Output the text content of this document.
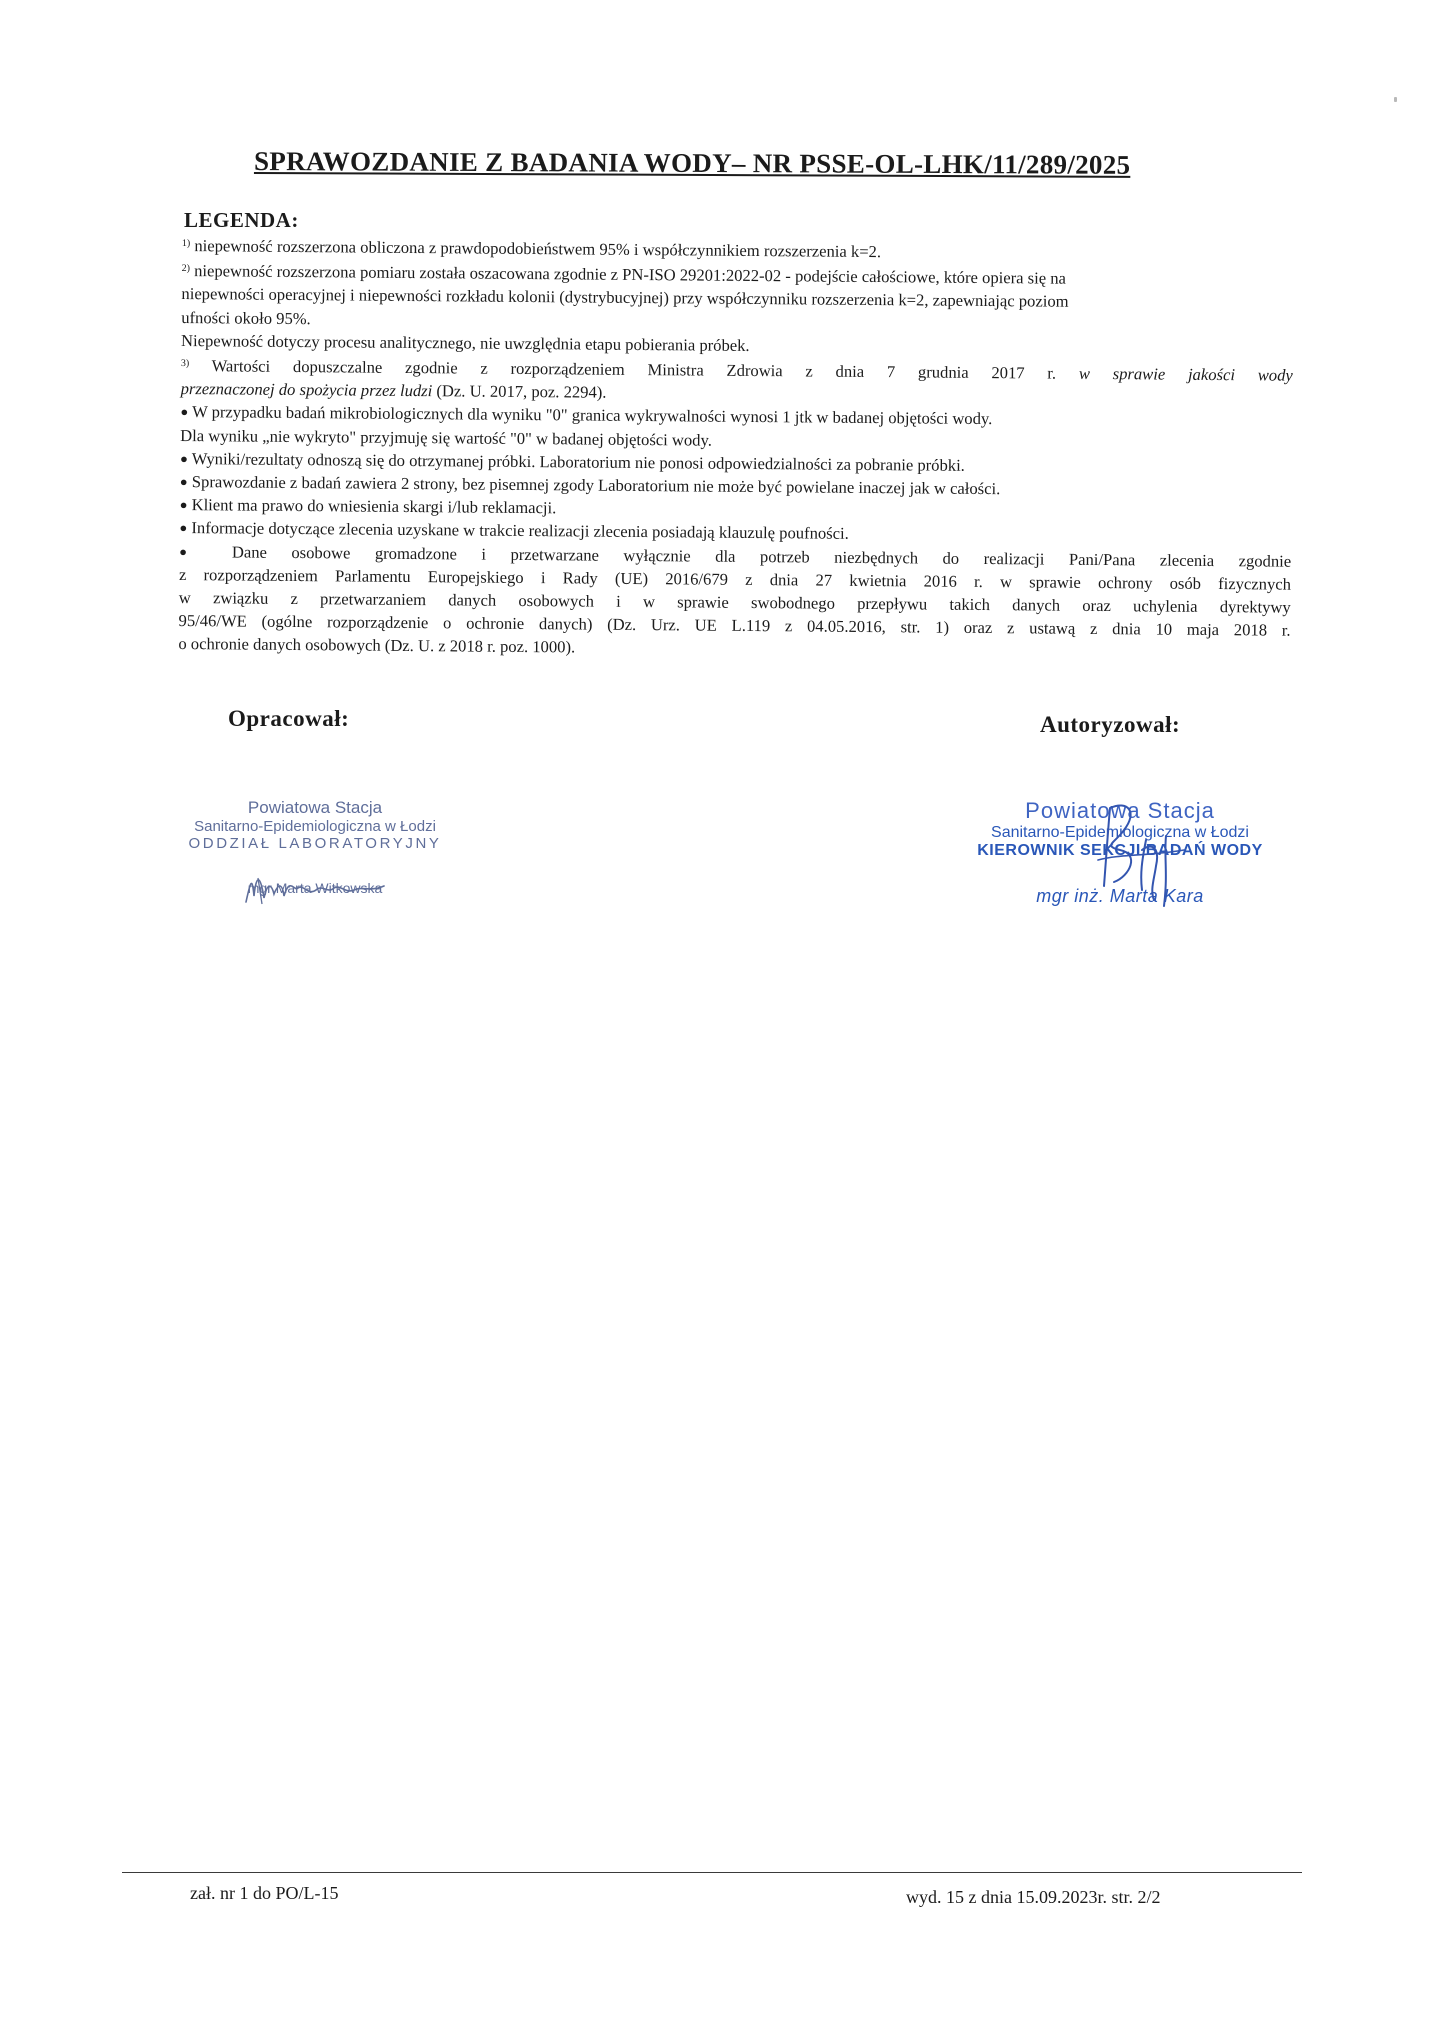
SPRAWOZDANIE Z BADANIA WODY– NR PSSE-OL-LHK/11/289/2025
LEGENDA:
$^{1)}$ niepewność rozszerzona obliczona z prawdopodobieństwem 95% i współczynnikiem rozszerzenia k=2.
$^{2)}$ niepewność rozszerzona pomiaru została oszacowana zgodnie z PN-ISO 29201:2022-02 - podejście całościowe, które opiera się na
niepewności operacyjnej i niepewności rozkładu kolonii (dystrybucyjnej) przy współczynniku rozszerzenia k=2, zapewniając poziom
ufności około 95%.
Niepewność dotyczy procesu analitycznego, nie uwzględnia etapu pobierania próbek.
$^{3)}$ Wartości dopuszczalne zgodnie z rozporządzeniem Ministra Zdrowia z dnia 7 grudnia 2017 r. w sprawie jakości wody
przeznaczonej do spożycia przez ludzi (Dz. U. 2017, poz. 2294).
● W przypadku badań mikrobiologicznych dla wyniku "0" granica wykrywalności wynosi 1 jtk w badanej objętości wody.
Dla wyniku „nie wykryto" przyjmuję się wartość "0" w badanej objętości wody.
● Wyniki/rezultaty odnoszą się do otrzymanej próbki. Laboratorium nie ponosi odpowiedzialności za pobranie próbki.
● Sprawozdanie z badań zawiera 2 strony, bez pisemnej zgody Laboratorium nie może być powielane inaczej jak w całości.
● Klient ma prawo do wniesienia skargi i/lub reklamacji.
● Informacje dotyczące zlecenia uzyskane w trakcie realizacji zlecenia posiadają klauzulę poufności.
● Dane osobowe gromadzone i przetwarzane wyłącznie dla potrzeb niezbędnych do realizacji Pani/Pana zlecenia zgodnie
z rozporządzeniem Parlamentu Europejskiego i Rady (UE) 2016/679 z dnia 27 kwietnia 2016 r. w sprawie ochrony osób fizycznych
w związku z przetwarzaniem danych osobowych i w sprawie swobodnego przepływu takich danych oraz uchylenia dyrektywy
95/46/WE (ogólne rozporządzenie o ochronie danych) (Dz. Urz. UE L.119 z 04.05.2016, str. 1) oraz z ustawą z dnia 10 maja 2018 r.
o ochronie danych osobowych (Dz. U. z 2018 r. poz. 1000).
Opracował:	Autoryzował:
Powiatowa Stacja
Sanitarno-Epidemiologiczna w Łodzi
ODDZIAŁ LABORATORYJNY
mgr Marta Witkowska
Powiatowa Stacja
Sanitarno-Epidemiologiczna w Łodzi
KIEROWNIK SEKCJI BADAŃ WODY
mgr inż. Marta Kara
zał. nr 1 do PO/L-15	wyd. 15 z dnia 15.09.2023r. str. 2/2
